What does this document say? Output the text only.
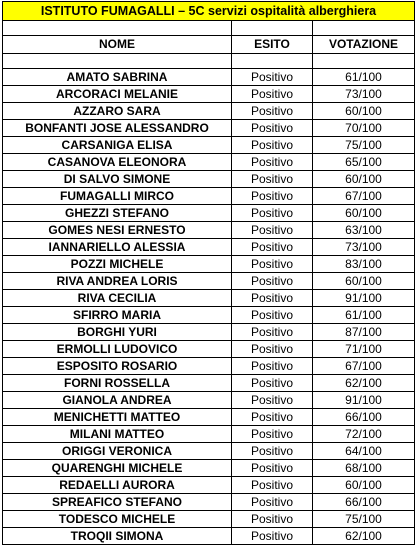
ISTITUTO FUMAGALLI – 5C servizi ospitalità alberghiera		

NOME	ESITO	VOTAZIONE

AMATO SABRINA	Positivo	61/100
ARCORACI MELANIE	Positivo	73/100
AZZARO SARA	Positivo	60/100
BONFANTI JOSE ALESSANDRO	Positivo	70/100
CARSANIGA ELISA	Positivo	75/100
CASANOVA ELEONORA	Positivo	65/100
DI SALVO SIMONE	Positivo	60/100
FUMAGALLI MIRCO	Positivo	67/100
GHEZZI STEFANO	Positivo	60/100
GOMES NESI ERNESTO	Positivo	63/100
IANNARIELLO ALESSIA	Positivo	73/100
POZZI MICHELE	Positivo	83/100
RIVA ANDREA LORIS	Positivo	60/100
RIVA CECILIA	Positivo	91/100
SFIRRO MARIA	Positivo	61/100
BORGHI YURI	Positivo	87/100
ERMOLLI LUDOVICO	Positivo	71/100
ESPOSITO ROSARIO	Positivo	67/100
FORNI ROSSELLA	Positivo	62/100
GIANOLA ANDREA	Positivo	91/100
MENICHETTI MATTEO	Positivo	66/100
MILANI MATTEO	Positivo	72/100
ORIGGI VERONICA	Positivo	64/100
QUARENGHI MICHELE	Positivo	68/100
REDAELLI AURORA	Positivo	60/100
SPREAFICO STEFANO	Positivo	66/100
TODESCO MICHELE	Positivo	75/100
TROQII SIMONA	Positivo	62/100
